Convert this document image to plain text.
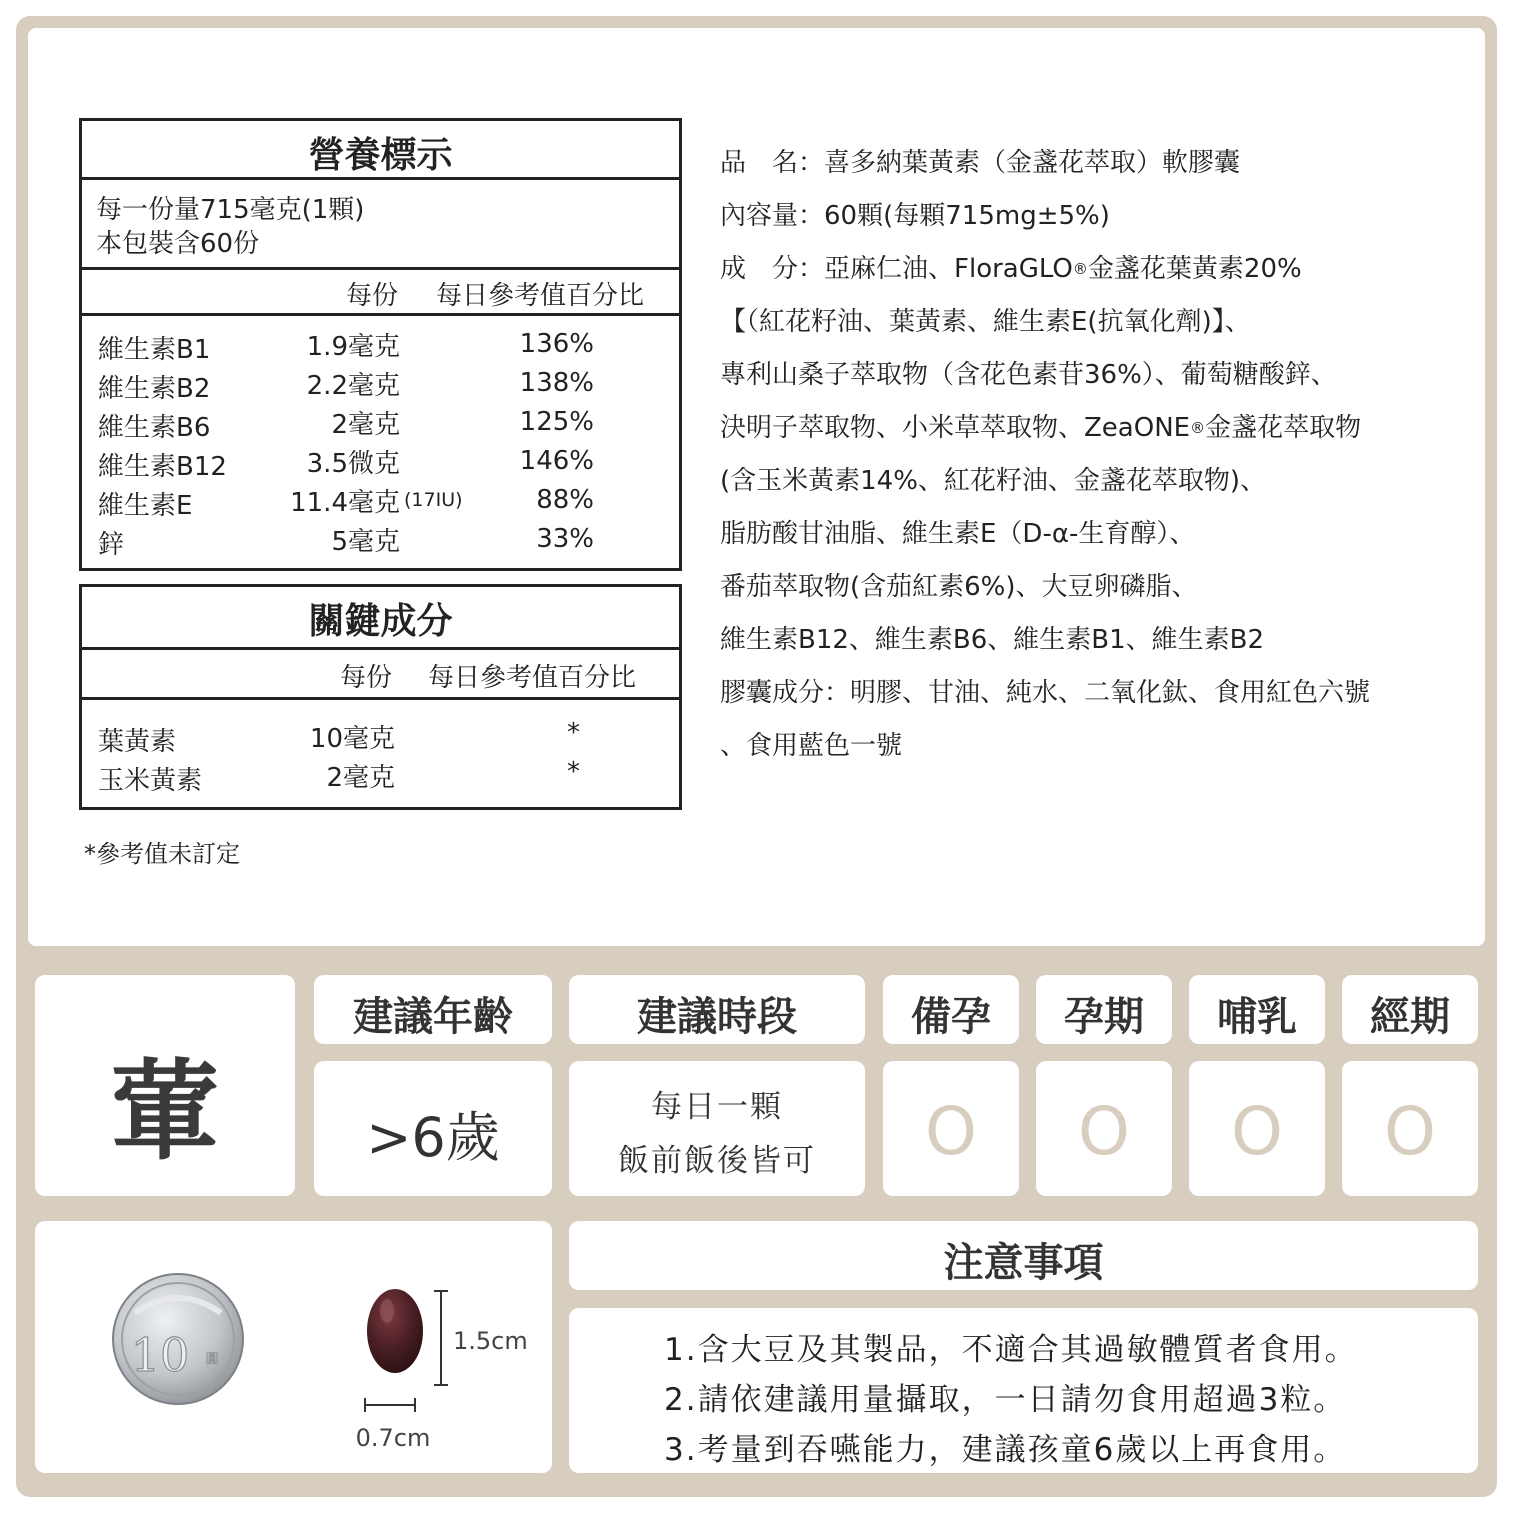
營養標示
每一份量715毫克(1顆)
本包裝含60份
每份 每日參考值百分比
維生素B1	1.9毫克	136%
維生素B2	2.2毫克	138%
維生素B6	2毫克	125%
維生素B12	3.5微克	146%
維生素E	11.4毫克 (17IU)	88%
鋅	5毫克	33%
關鍵成分
每份 每日參考值百分比
葉黃素	10毫克	*
玉米黃素	2毫克	*
*參考值未訂定
品　名：喜多納葉黃素（金盞花萃取）軟膠囊
內容量：60顆(每顆715mg±5%)
成　分：亞麻仁油、FloraGLO®金盞花葉黃素20%
【（紅花籽油、葉黃素、維生素E(抗氧化劑)】、
專利山桑子萃取物（含花色素苷36%）、葡萄糖酸鋅、
決明子萃取物、小米草萃取物、ZeaONE®金盞花萃取物
(含玉米黃素14%、紅花籽油、金盞花萃取物)、
脂肪酸甘油脂、維生素E（D-α-生育醇）、
番茄萃取物(含茄紅素6%)、大豆卵磷脂、
維生素B12、維生素B6、維生素B1、維生素B2
膠囊成分：明膠、甘油、純水、二氧化鈦、食用紅色六號
、食用藍色一號
葷
建議年齡
>6歲
建議時段
每日一顆
飯前飯後皆可
備孕	孕期	哺乳	經期
O	O	O	O
10 圓
1.5cm
0.7cm
注意事項
1.含大豆及其製品，不適合其過敏體質者食用。
2.請依建議用量攝取，一日請勿食用超過3粒。
3.考量到吞嚥能力，建議孩童6歲以上再食用。
